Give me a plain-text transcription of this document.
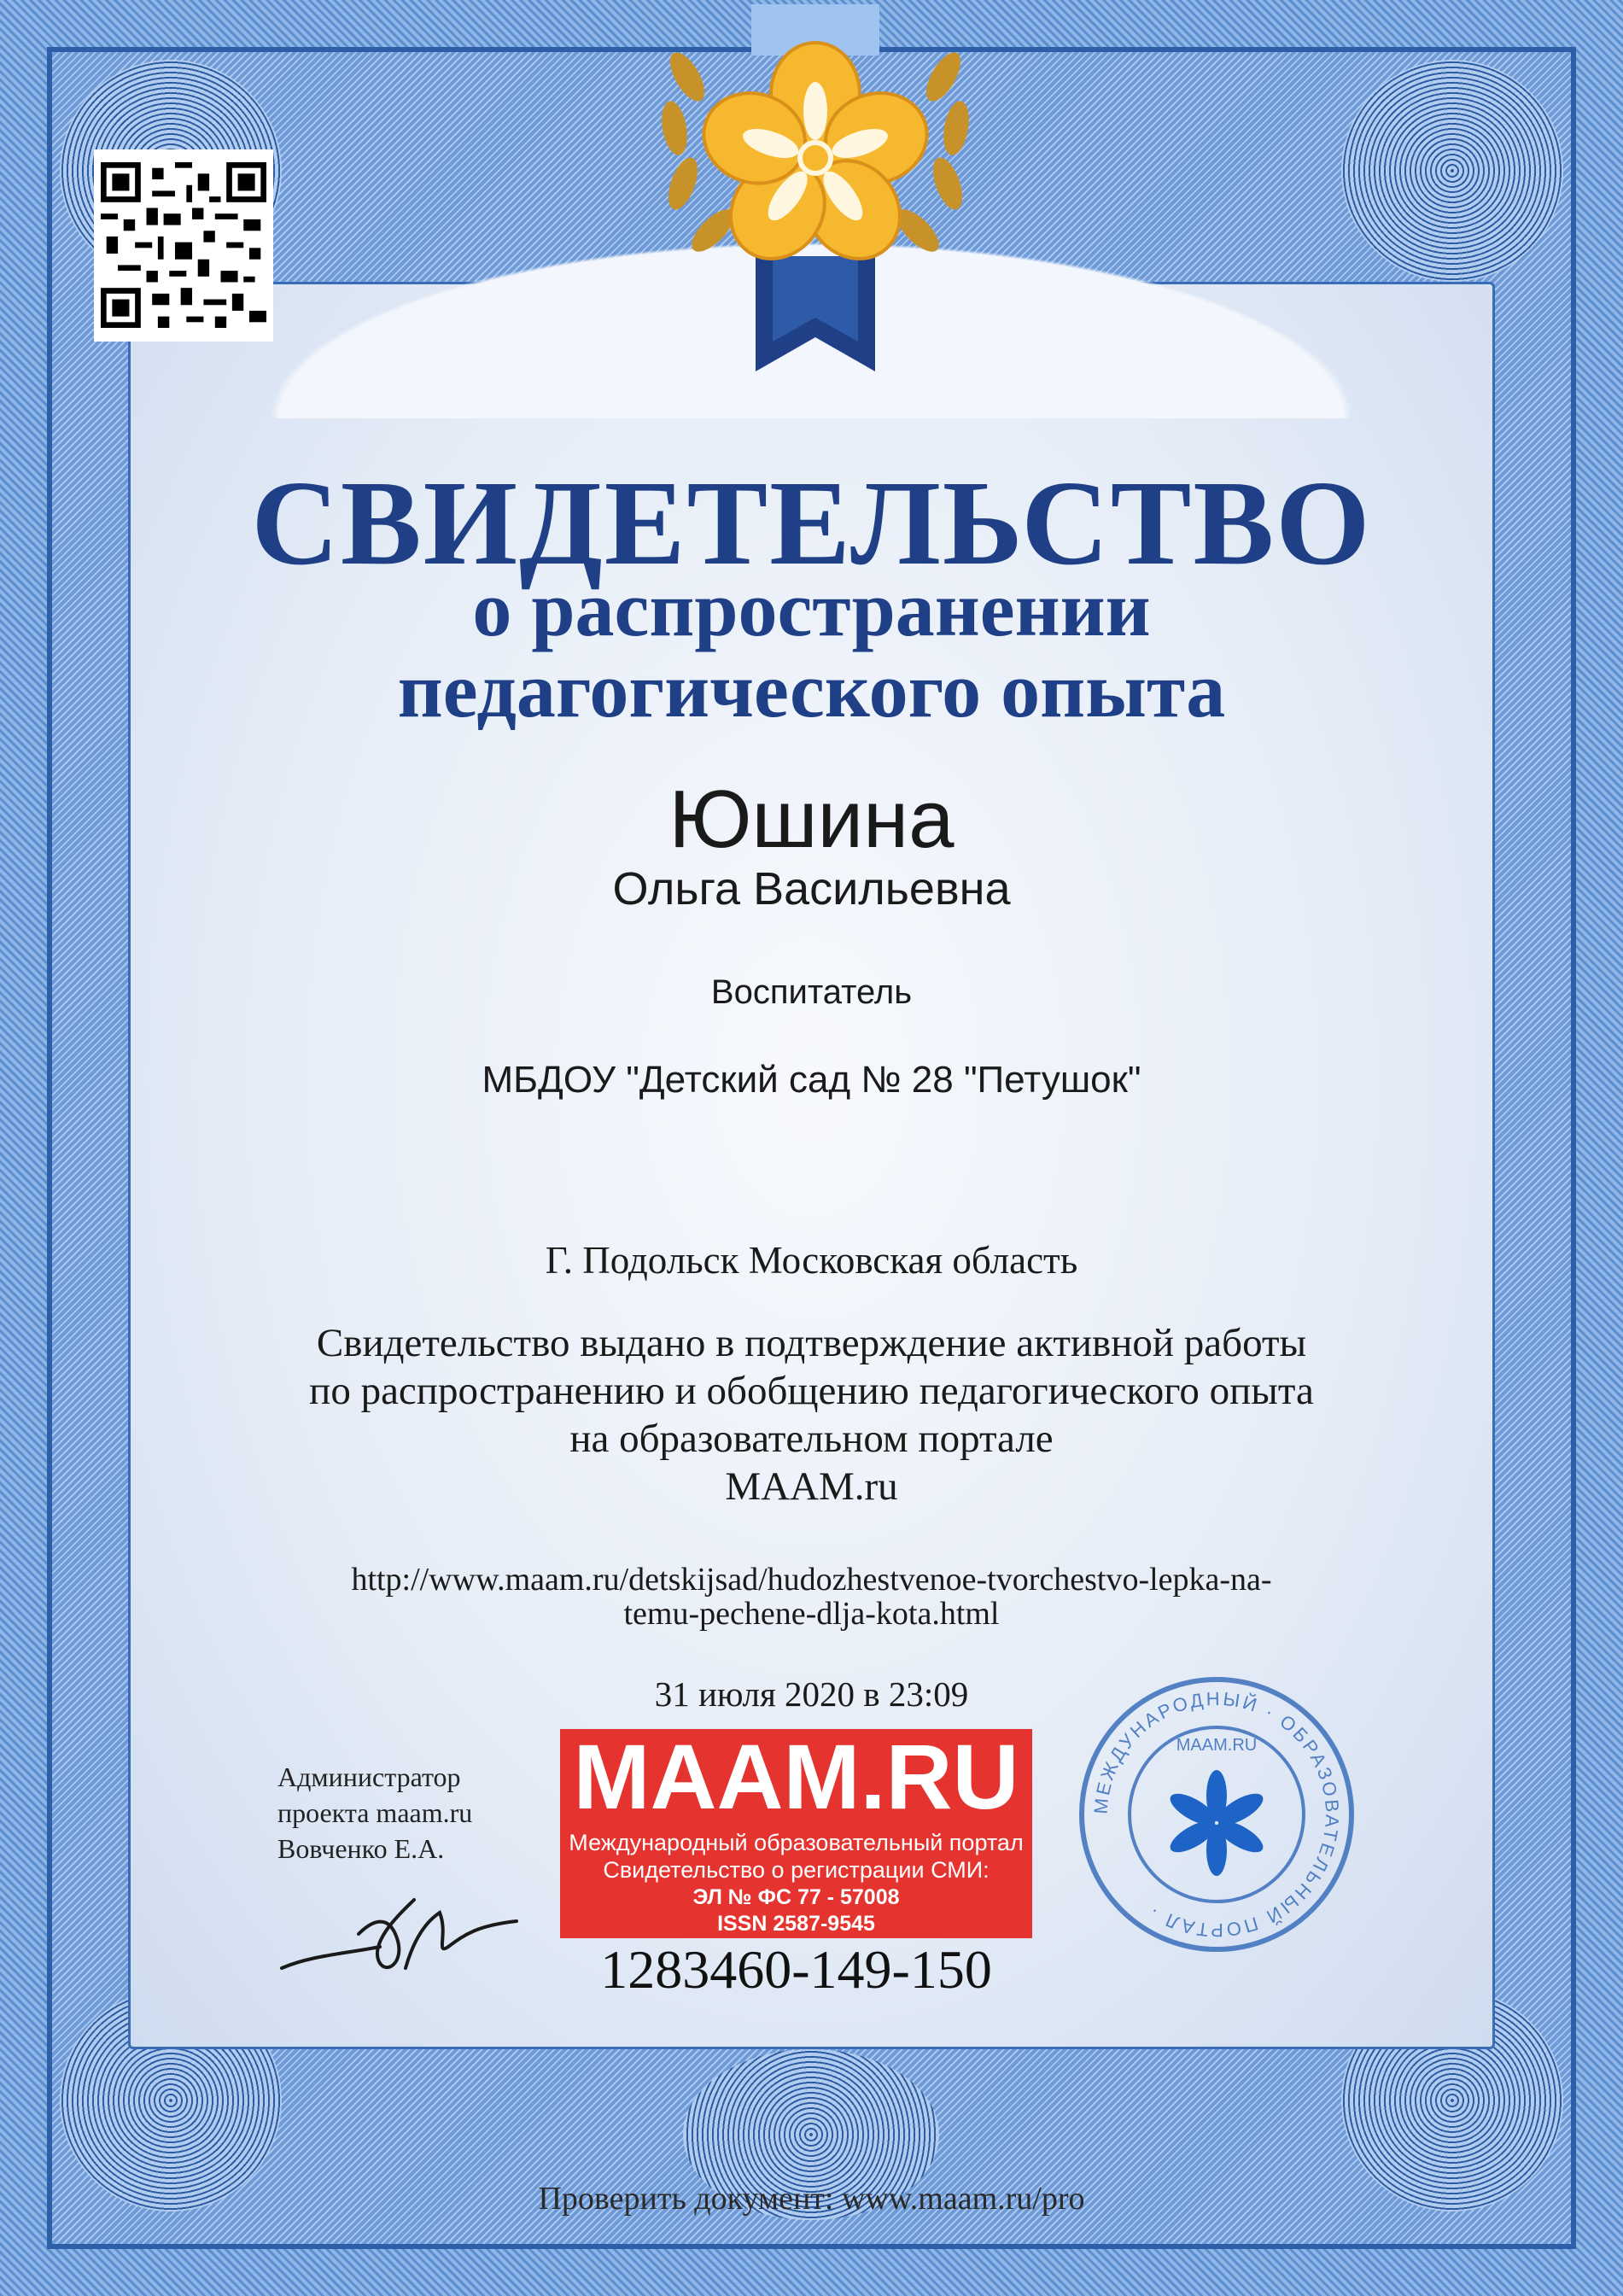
СВИДЕТЕЛЬСТВО
о распространении
педагогического опыта
Юшина
Ольга Васильевна
Воспитатель
МБДОУ "Детский сад № 28 "Петушок"
Г. Подольск Московская область
Свидетельство выдано в подтверждение активной работы
по распространению и обобщению педагогического опыта
на образовательном портале
MAAM.ru
http://www.maam.ru/detskijsad/hudozhestvenoe-tvorchestvo-lepka-na-
temu-pechene-dlja-kota.html
31 июля 2020 в 23:09
Администратор
проекта maam.ru
Вовченко Е.А.
MAAM.RU
Международный образовательный портал
Свидетельство о регистрации СМИ:
ЭЛ № ФС 77 - 57008
ISSN 2587-9545
1283460-149-150
МЕЖДУНАРОДНЫЙ · ОБРАЗОВАТЕЛЬНЫЙ ПОРТАЛ ·
MAAM.RU
Проверить документ: www.maam.ru/pro
